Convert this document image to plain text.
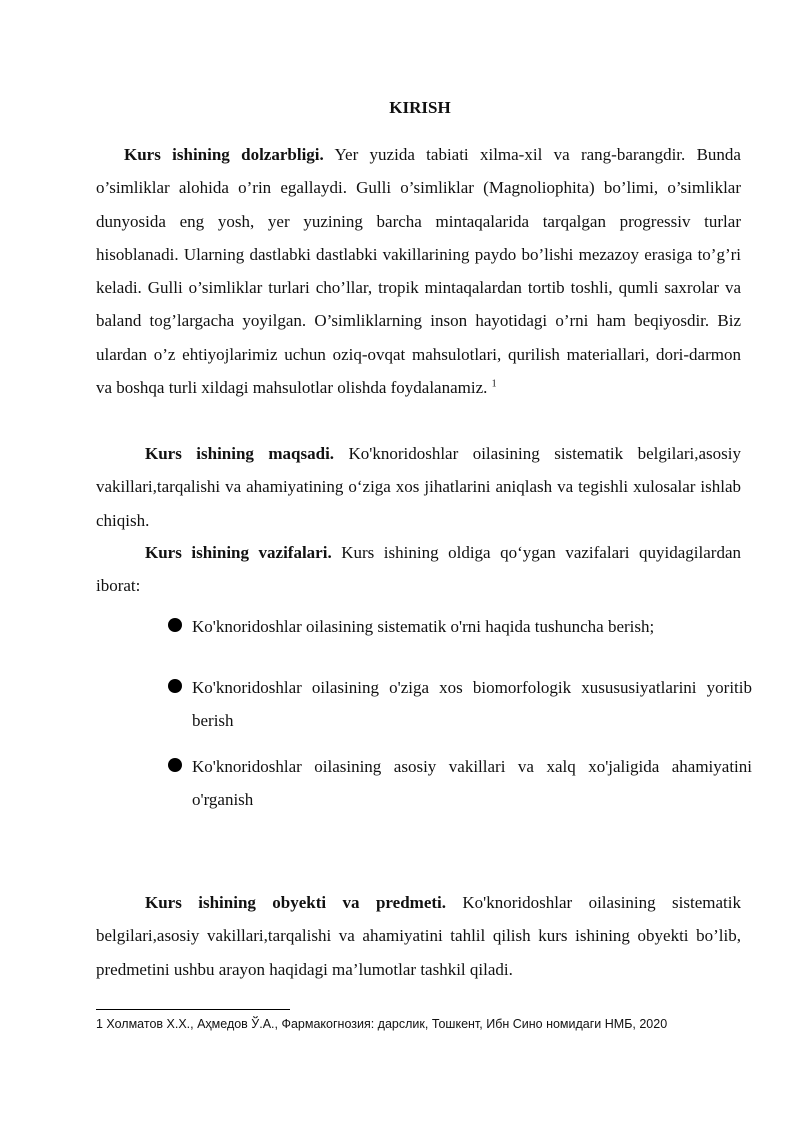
KIRISH

Kurs ishining dolzarbligi. Yer yuzida tabiati xilma-xil va rang-barangdir. Bunda o’simliklar alohida o’rin egallaydi. Gulli o’simliklar (Magnoliophita) bo’limi, o’simliklar dunyosida eng yosh, yer yuzining barcha mintaqalarida tarqalgan progressiv turlar hisoblanadi. Ularning dastlabki dastlabki vakillarining paydo bo’lishi mezazoy erasiga to’g’ri keladi. Gulli o’simliklar turlari cho’llar, tropik mintaqalardan tortib toshli, qumli saxrolar va baland tog’largacha yoyilgan. O’simliklarning inson hayotidagi o’rni ham beqiyosdir. Biz ulardan o’z ehtiyojlarimiz uchun oziq-ovqat mahsulotlari, qurilish materiallari, dori-darmon va boshqa turli xildagi mahsulotlar olishda foydalanamiz. $^1$

Kurs ishining maqsadi. Ko'knoridoshlar oilasining sistematik belgilari,asosiy vakillari,tarqalishi va ahamiyatining o‘ziga xos jihatlarini aniqlash va tegishli xulosalar ishlab chiqish.

Kurs ishining vazifalari. Kurs ishining oldiga qo‘ygan vazifalari quyidagilardan iborat:

Ko'knoridoshlar oilasining sistematik o'rni haqida tushuncha berish;

Ko'knoridoshlar oilasining o'ziga xos biomorfologik xusususiyatlarini yoritib berish

Ko'knoridoshlar oilasining asosiy vakillari va xalq xo'jaligida ahamiyatini o'rganish

Kurs ishining obyekti va predmeti. Ko'knoridoshlar oilasining sistematik belgilari,asosiy vakillari,tarqalishi va ahamiyatini tahlil qilish kurs ishining obyekti bo’lib, predmetini ushbu arayon haqidagi ma’lumotlar tashkil qiladi.

1 Холматов Х.Х., Аҳмедов Ў.А., Фармакогнозия: дарслик, Тошкент, Ибн Сино номидаги НМБ, 2020
